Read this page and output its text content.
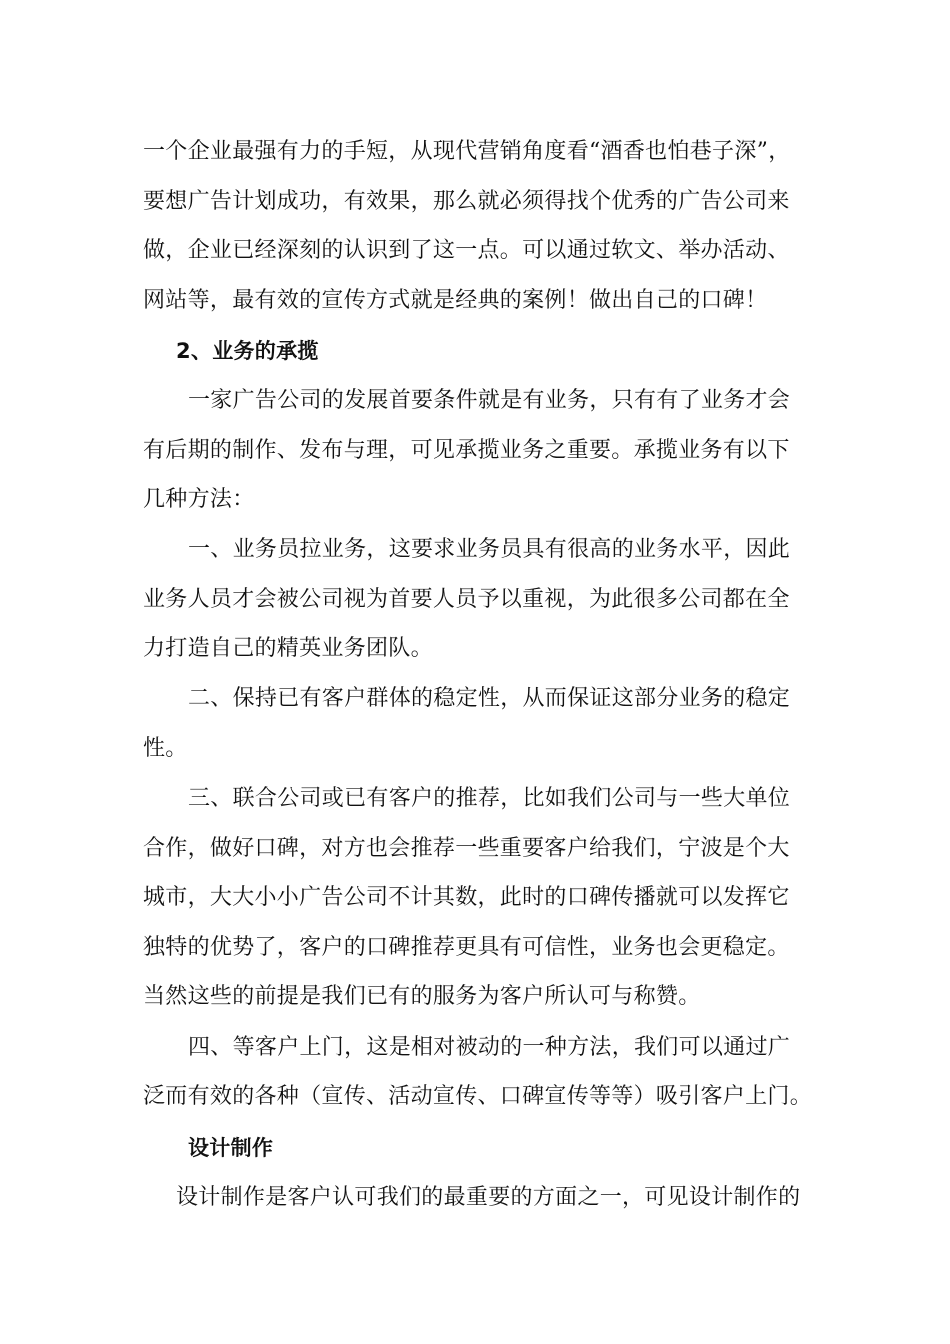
一个企业最强有力的手短，从现代营销角度看“酒香也怕巷子深”，
要想广告计划成功，有效果，那么就必须得找个优秀的广告公司来
做，企业已经深刻的认识到了这一点。可以通过软文、举办活动、
网站等，最有效的宣传方式就是经典的案例！做出自己的口碑！
2、业务的承揽
一家广告公司的发展首要条件就是有业务，只有有了业务才会
有后期的制作、发布与理，可见承揽业务之重要。承揽业务有以下
几种方法：
一、业务员拉业务，这要求业务员具有很高的业务水平，因此
业务人员才会被公司视为首要人员予以重视，为此很多公司都在全
力打造自己的精英业务团队。
二、保持已有客户群体的稳定性，从而保证这部分业务的稳定
性。
三、联合公司或已有客户的推荐，比如我们公司与一些大单位
合作，做好口碑，对方也会推荐一些重要客户给我们，宁波是个大
城市，大大小小广告公司不计其数，此时的口碑传播就可以发挥它
独特的优势了，客户的口碑推荐更具有可信性，业务也会更稳定。
当然这些的前提是我们已有的服务为客户所认可与称赞。
四、等客户上门，这是相对被动的一种方法，我们可以通过广
泛而有效的各种（宣传、活动宣传、口碑宣传等等）吸引客户上门。
设计制作
设计制作是客户认可我们的最重要的方面之一，可见设计制作的
